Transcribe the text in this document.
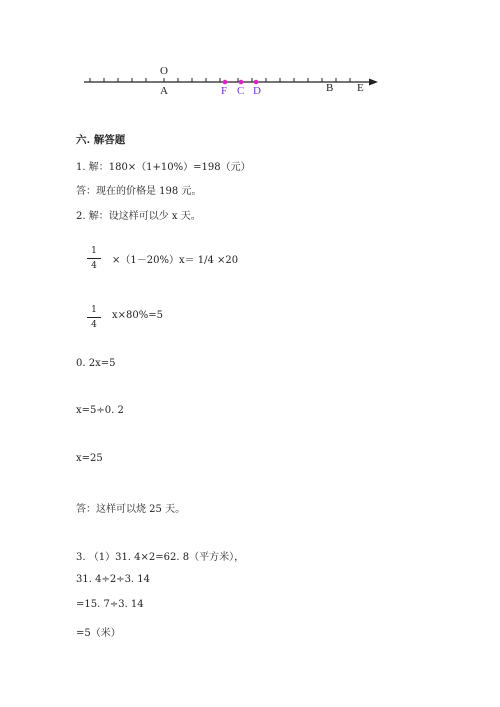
O
A	F C D	B E
六. 解答题
1. 解：180×（1+10%）=198（元）
答：现在的价格是 198 元。
2. 解：设这样可以少 x 天。
1
4	×（1－20%）x＝ 1/4 ×20
1
4
x×80%=5
0. 2x=5
x=5÷0. 2
x=25
答：这样可以烧 25 天。
3. （1）31. 4×2=62. 8（平方米），
31. 4÷2÷3. 14
=15. 7÷3. 14
=5（米）
